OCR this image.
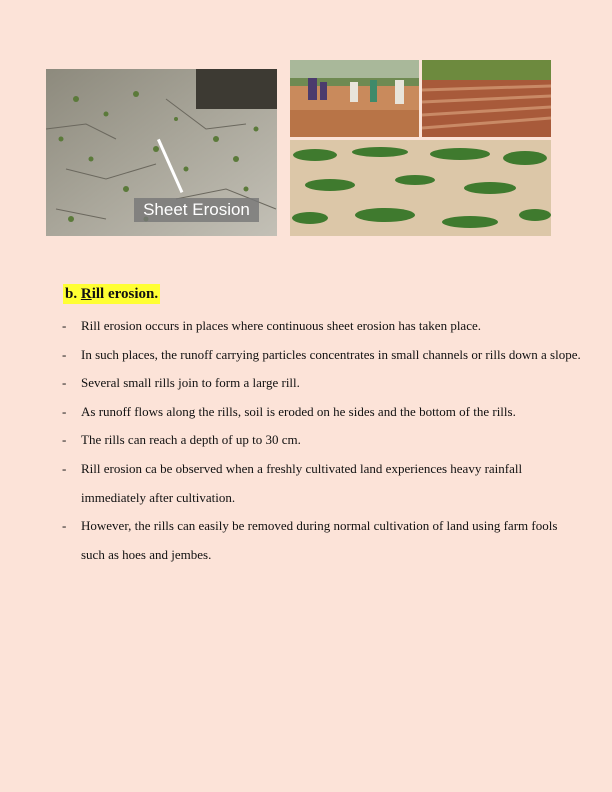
Sheet Erosion
b. Rill erosion.
- Rill erosion occurs in places where continuous sheet erosion has taken place.
- In such places, the runoff carrying particles concentrates in small channels or rills down a slope.
- Several small rills join to form a large rill.
- As runoff flows along the rills, soil is eroded on he sides and the bottom of the rills.
- The rills can reach a depth of up to 30 cm.
- Rill erosion ca be observed when a freshly cultivated land experiences heavy rainfall immediately after cultivation.
- However, the rills can easily be removed during normal cultivation of land using farm fools such as hoes and jembes.
